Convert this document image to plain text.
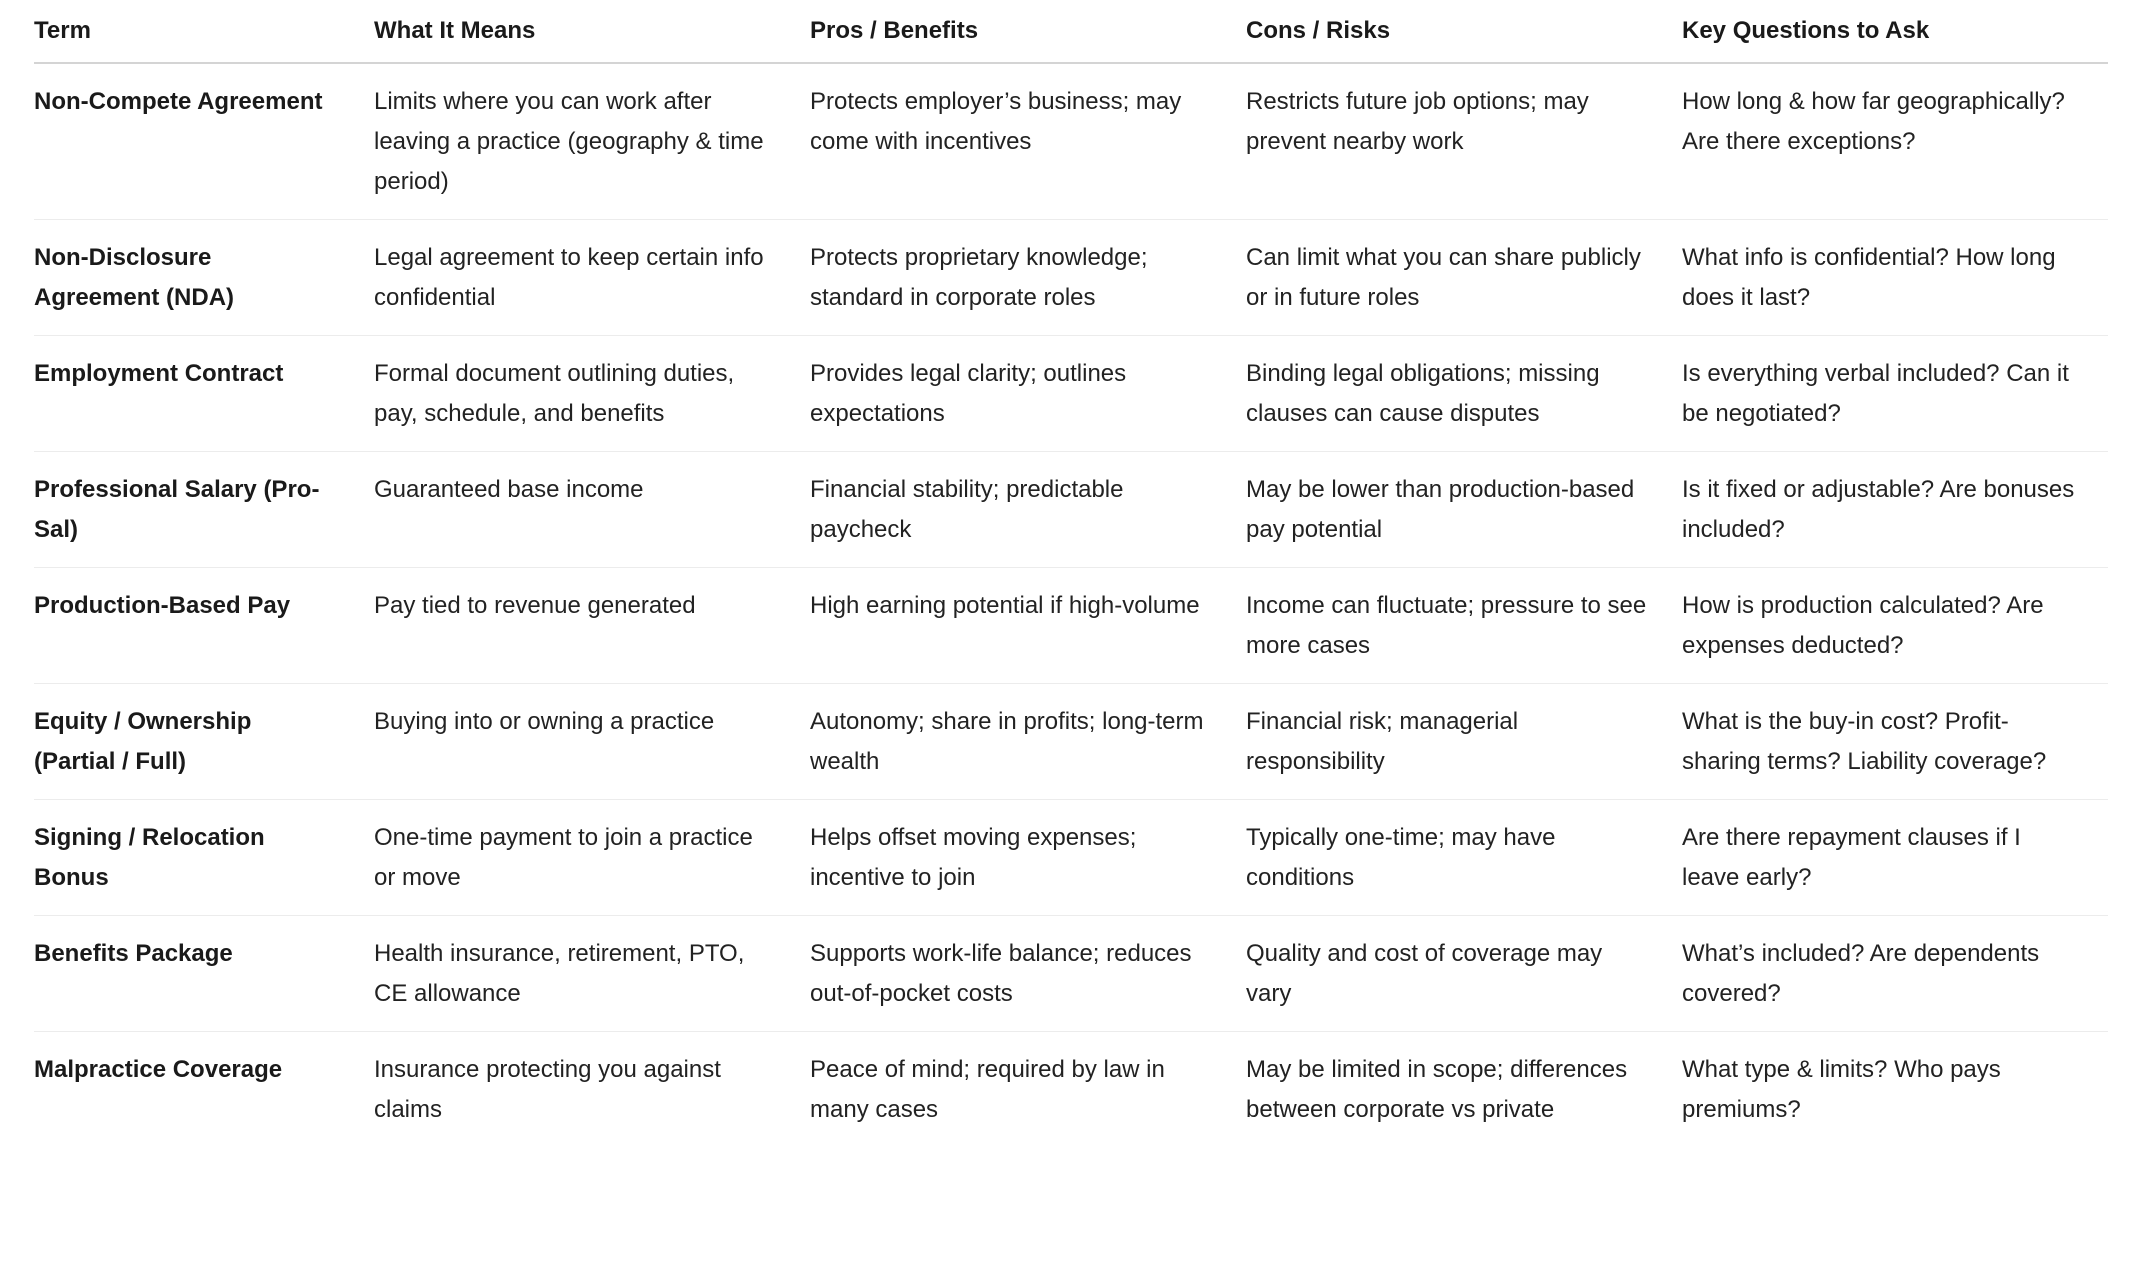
Term	What It Means	Pros / Benefits	Cons / Risks	Key Questions to Ask
Non-Compete Agreement	Limits where you can work after leaving a practice (geography & time period)	Protects employer’s business; may come with incentives	Restricts future job options; may prevent nearby work	How long & how far geographically? Are there exceptions?
Non-Disclosure Agreement (NDA)	Legal agreement to keep certain info confidential	Protects proprietary knowledge; standard in corporate roles	Can limit what you can share publicly or in future roles	What info is confidential? How long does it last?
Employment Contract	Formal document outlining duties, pay, schedule, and benefits	Provides legal clarity; outlines expectations	Binding legal obligations; missing clauses can cause disputes	Is everything verbal included? Can it be negotiated?
Professional Salary (Pro-Sal)	Guaranteed base income	Financial stability; predictable paycheck	May be lower than production-based pay potential	Is it fixed or adjustable? Are bonuses included?
Production-Based Pay	Pay tied to revenue generated	High earning potential if high-volume	Income can fluctuate; pressure to see more cases	How is production calculated? Are expenses deducted?
Equity / Ownership (Partial / Full)	Buying into or owning a practice	Autonomy; share in profits; long-term wealth	Financial risk; managerial responsibility	What is the buy-in cost? Profit-sharing terms? Liability coverage?
Signing / Relocation Bonus	One-time payment to join a practice or move	Helps offset moving expenses; incentive to join	Typically one-time; may have conditions	Are there repayment clauses if I leave early?
Benefits Package	Health insurance, retirement, PTO, CE allowance	Supports work-life balance; reduces out-of-pocket costs	Quality and cost of coverage may vary	What’s included? Are dependents covered?
Malpractice Coverage	Insurance protecting you against claims	Peace of mind; required by law in many cases	May be limited in scope; differences between corporate vs private	What type & limits? Who pays premiums?
